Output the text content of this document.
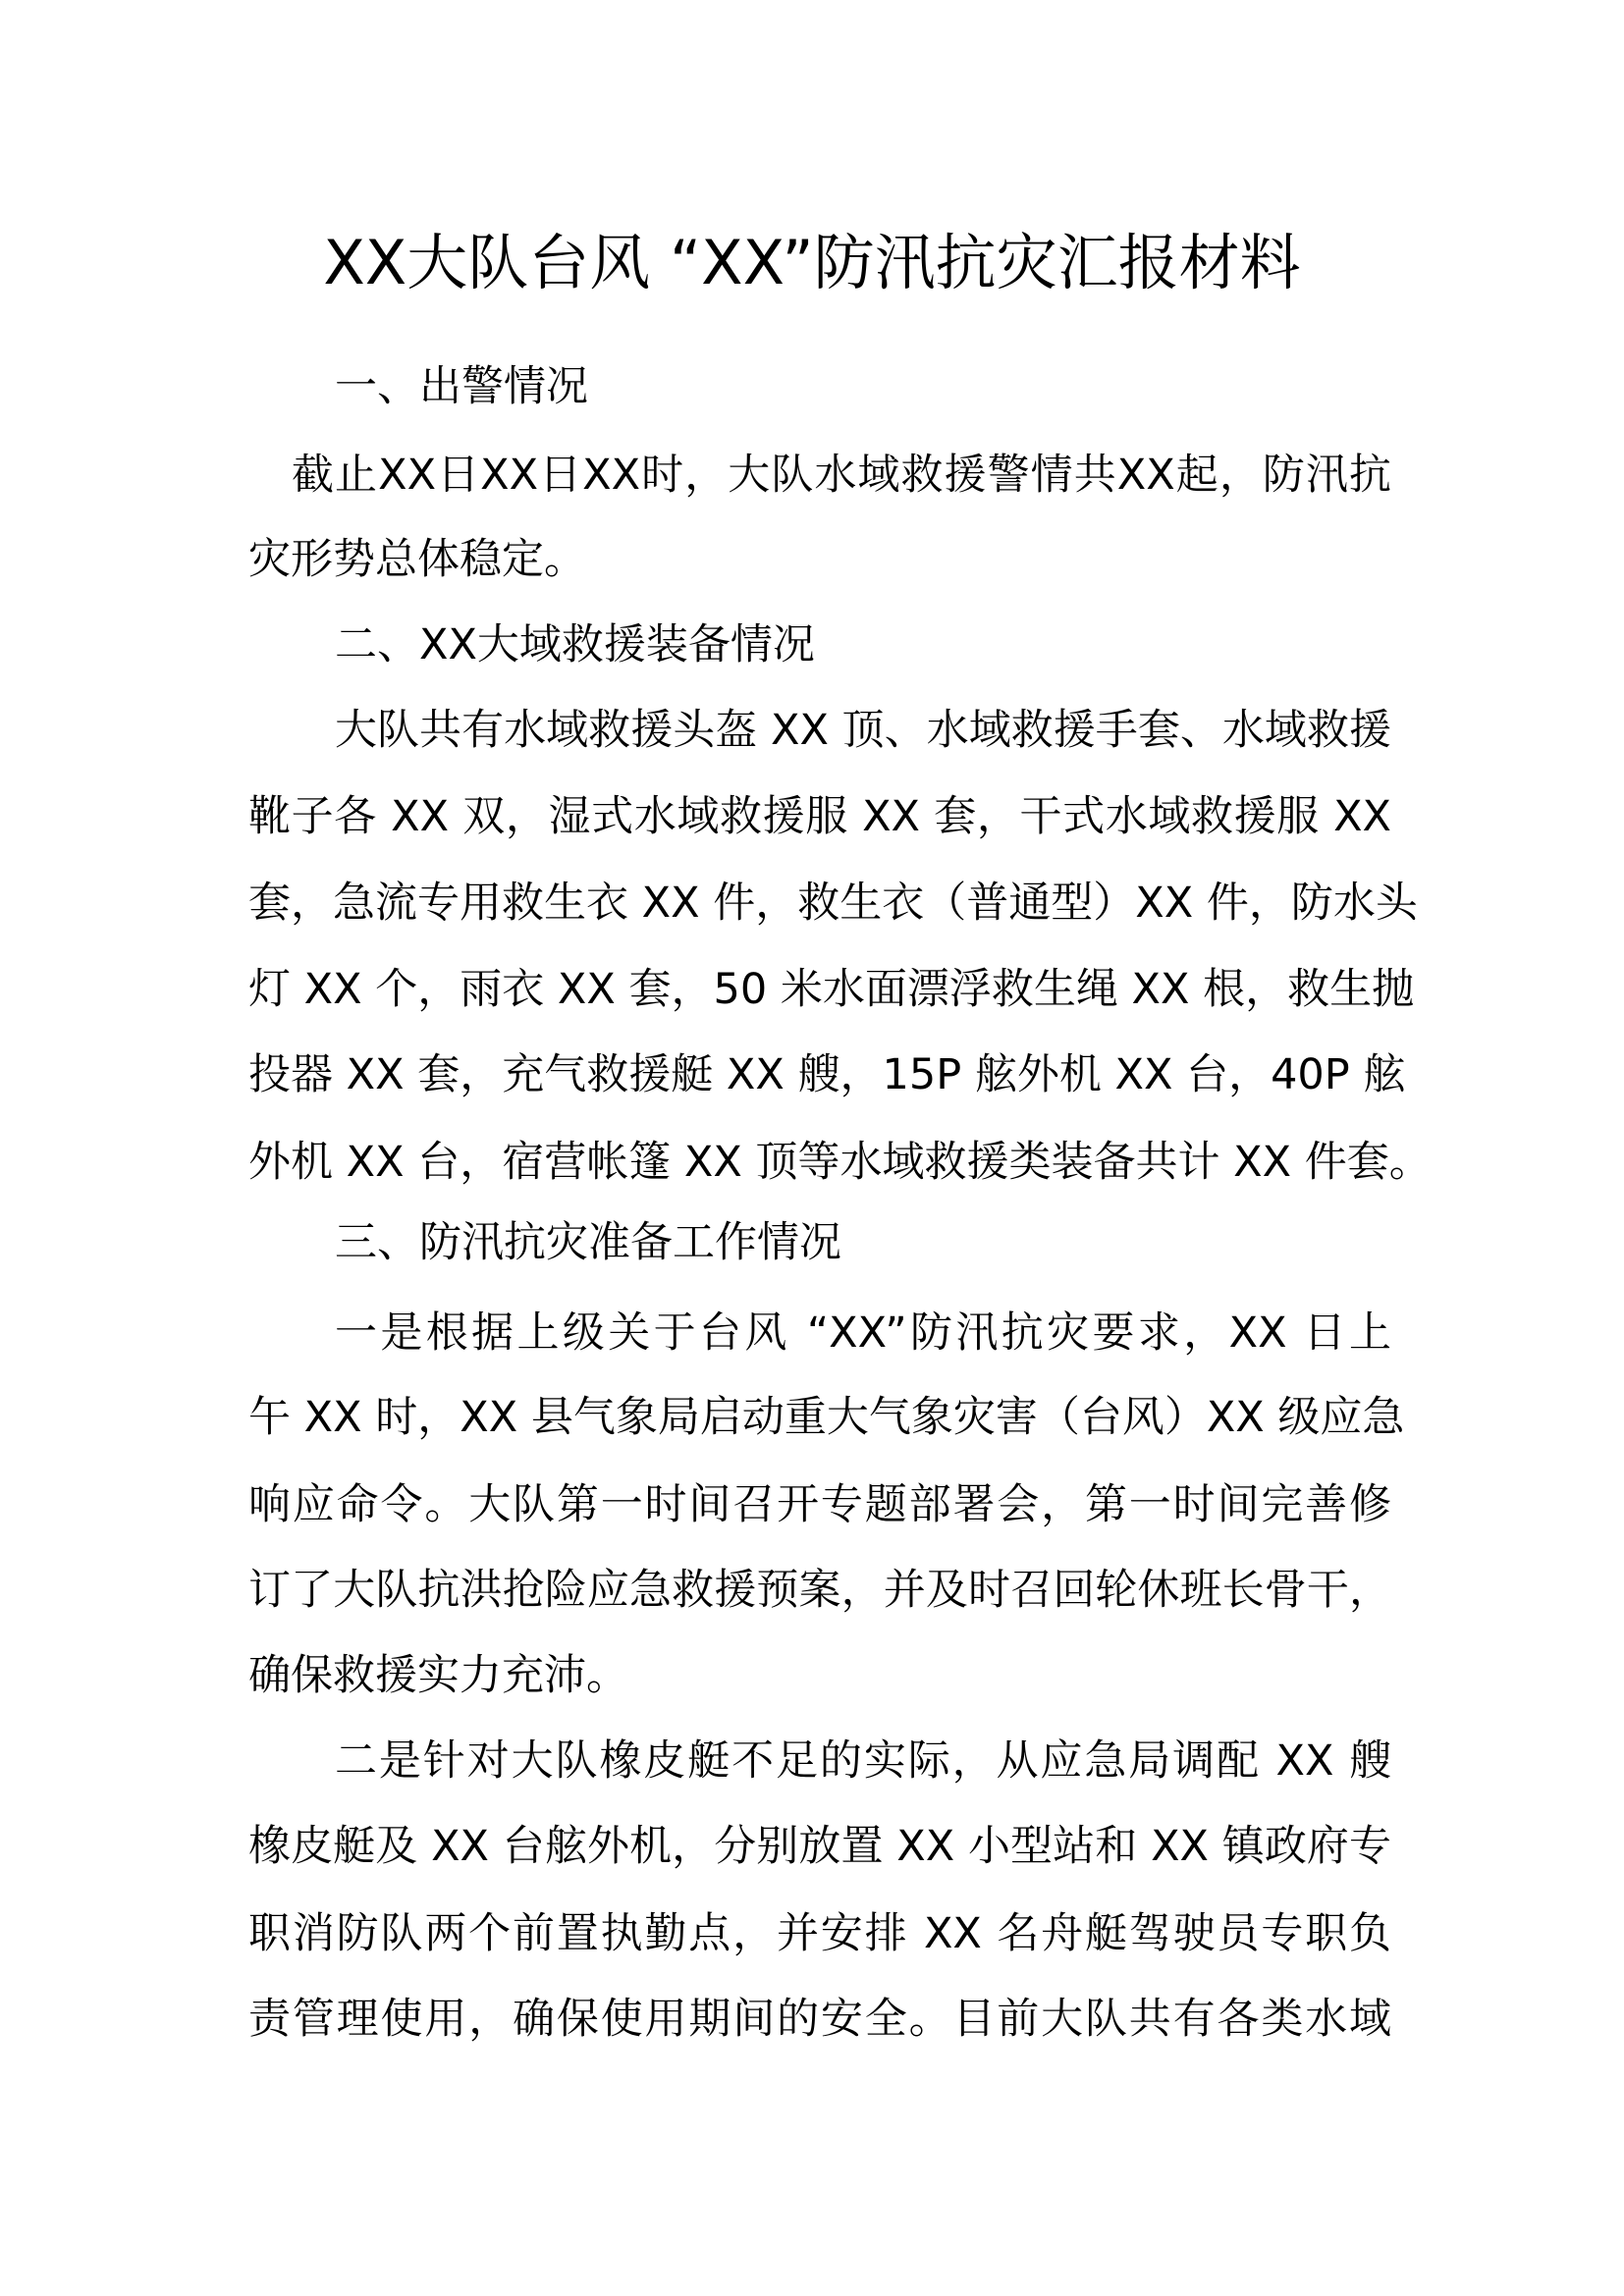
XX大队台风 “XX”防汛抗灾汇报材料
一、出警情况
截止XX日XX日XX时，大队水域救援警情共XX起，防汛抗
灾形势总体稳定。
二、XX大域救援装备情况
大队共有水域救援头盔 XX 顶、水域救援手套、水域救援
靴子各 XX 双，湿式水域救援服 XX 套，干式水域救援服 XX
套，急流专用救生衣 XX 件，救生衣（普通型）XX 件，防水头
灯 XX 个，雨衣 XX 套，50 米水面漂浮救生绳 XX 根，救生抛
投器 XX 套，充气救援艇 XX 艘，15P 舷外机 XX 台，40P 舷
外机 XX 台，宿营帐篷 XX 顶等水域救援类装备共计 XX 件套。
三、防汛抗灾准备工作情况
一是根据上级关于台风 “XX”防汛抗灾要求，XX 日上
午 XX 时，XX 县气象局启动重大气象灾害（台风）XX 级应急
响应命令。大队第一时间召开专题部署会，第一时间完善修
订了大队抗洪抢险应急救援预案，并及时召回轮休班长骨干，
确保救援实力充沛。
二是针对大队橡皮艇不足的实际，从应急局调配 XX 艘
橡皮艇及 XX 台舷外机，分别放置 XX 小型站和 XX 镇政府专
职消防队两个前置执勤点，并安排 XX 名舟艇驾驶员专职负
责管理使用，确保使用期间的安全。目前大队共有各类水域
